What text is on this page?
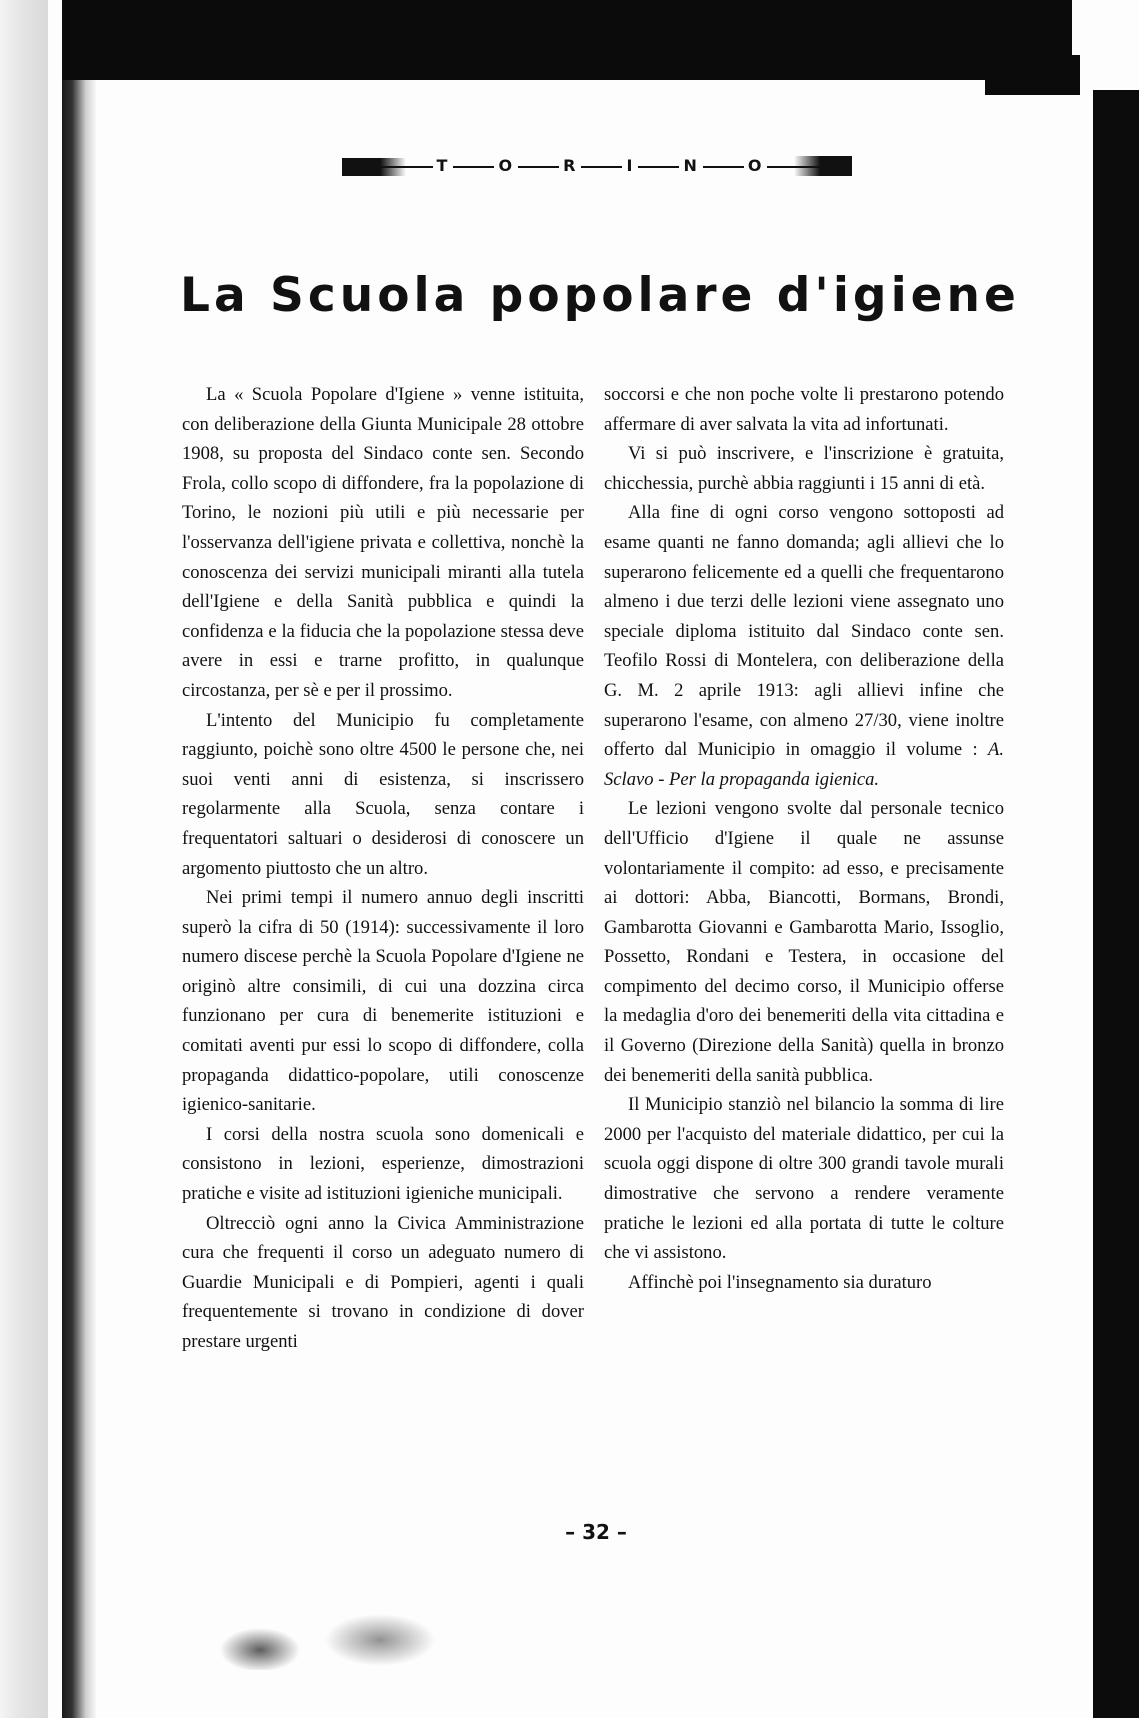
T	O	R	I	N	O
La Scuola popolare d'igiene

La « Scuola Popolare d'Igiene » venne istituita, con deliberazione della Giunta Municipale 28 ottobre 1908, su proposta del Sindaco conte sen. Secondo Frola, collo scopo di diffondere, fra la popolazione di Torino, le nozioni più utili e più necessarie per l'osservanza dell'igiene privata e collettiva, nonchè la conoscenza dei servizi municipali miranti alla tutela dell'Igiene e della Sanità pubblica e quindi la confidenza e la fiducia che la popolazione stessa deve avere in essi e trarne profitto, in qualunque circostanza, per sè e per il prossimo.

L'intento del Municipio fu completamente raggiunto, poichè sono oltre 4500 le persone che, nei suoi venti anni di esistenza, si inscrissero regolarmente alla Scuola, senza contare i frequentatori saltuari o desiderosi di conoscere un argomento piuttosto che un altro.

Nei primi tempi il numero annuo degli inscritti superò la cifra di 50 (1914): successivamente il loro numero discese perchè la Scuola Popolare d'Igiene ne originò altre consimili, di cui una dozzina circa funzionano per cura di benemerite istituzioni e comitati aventi pur essi lo scopo di diffondere, colla propaganda didattico-popolare, utili conoscenze igienico-sanitarie.

I corsi della nostra scuola sono domenicali e consistono in lezioni, esperienze, dimostrazioni pratiche e visite ad istituzioni igieniche municipali.

Oltrecciò ogni anno la Civica Amministrazione cura che frequenti il corso un adeguato numero di Guardie Municipali e di Pompieri, agenti i quali frequentemente si trovano in condizione di dover prestare urgenti

soccorsi e che non poche volte li prestarono potendo affermare di aver salvata la vita ad infortunati.

Vi si può inscrivere, e l'inscrizione è gratuita, chicchessia, purchè abbia raggiunti i 15 anni di età.

Alla fine di ogni corso vengono sottoposti ad esame quanti ne fanno domanda; agli allievi che lo superarono felicemente ed a quelli che frequentarono almeno i due terzi delle lezioni viene assegnato uno speciale diploma istituito dal Sindaco conte sen. Teofilo Rossi di Montelera, con deliberazione della G. M. 2 aprile 1913: agli allievi infine che superarono l'esame, con almeno 27/30, viene inoltre offerto dal Municipio in omaggio il volume : A. Sclavo - Per la propaganda igienica.

Le lezioni vengono svolte dal personale tecnico dell'Ufficio d'Igiene il quale ne assunse volontariamente il compito: ad esso, e precisamente ai dottori: Abba, Biancotti, Bormans, Brondi, Gambarotta Giovanni e Gambarotta Mario, Issoglio, Possetto, Rondani e Testera, in occasione del compimento del decimo corso, il Municipio offerse la medaglia d'oro dei benemeriti della vita cittadina e il Governo (Direzione della Sanità) quella in bronzo dei benemeriti della sanità pubblica.

Il Municipio stanziò nel bilancio la somma di lire 2000 per l'acquisto del materiale didattico, per cui la scuola oggi dispone di oltre 300 grandi tavole murali dimostrative che servono a rendere veramente pratiche le lezioni ed alla portata di tutte le colture che vi assistono.

Affinchè poi l'insegnamento sia duraturo

– 32 –
